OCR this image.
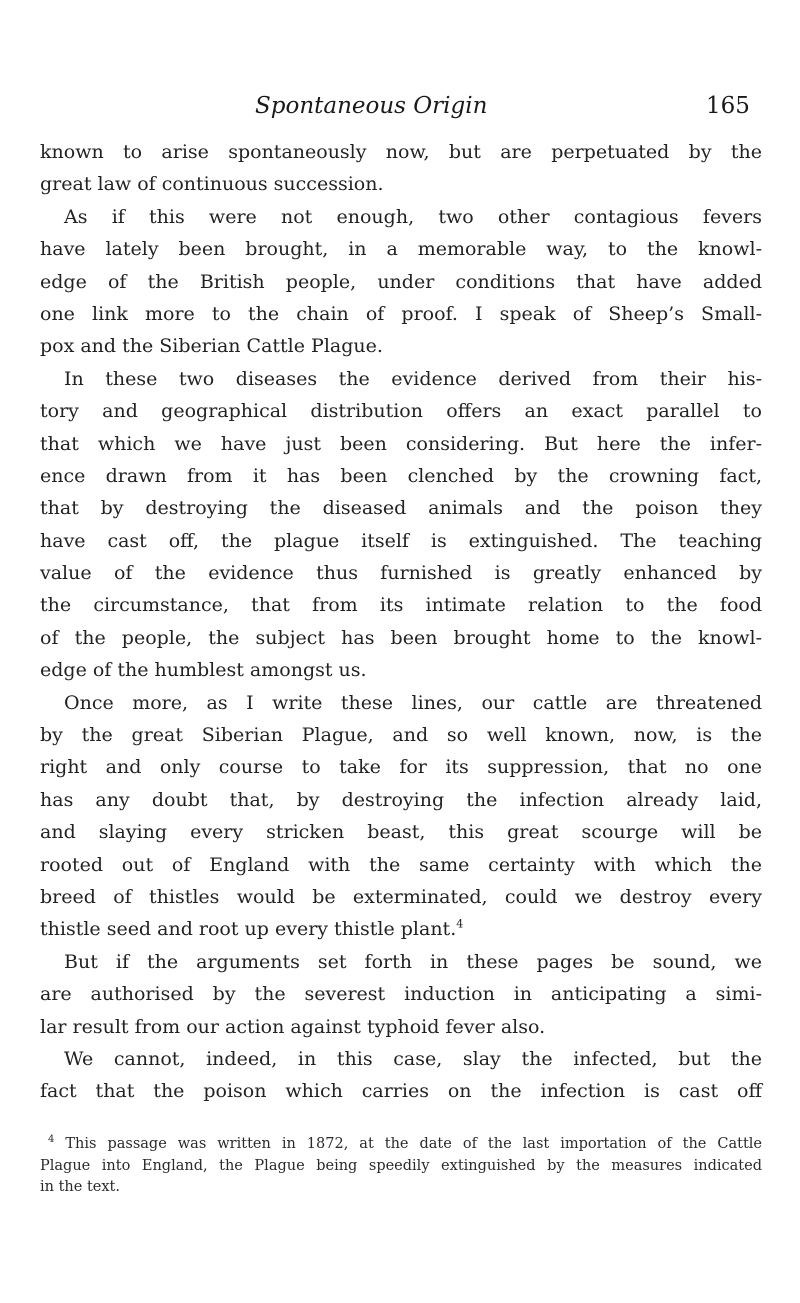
Spontaneous Origin	165
known to arise spontaneously now, but are perpetuated by the
great law of continuous succession.
As if this were not enough, two other contagious fevers
have lately been brought, in a memorable way, to the knowl-
edge of the British people, under conditions that have added
one link more to the chain of proof. I speak of Sheep’s Small-
pox and the Siberian Cattle Plague.
In these two diseases the evidence derived from their his-
tory and geographical distribution offers an exact parallel to
that which we have just been considering. But here the infer-
ence drawn from it has been clenched by the crowning fact,
that by destroying the diseased animals and the poison they
have cast off, the plague itself is extinguished. The teaching
value of the evidence thus furnished is greatly enhanced by
the circumstance, that from its intimate relation to the food
of the people, the subject has been brought home to the knowl-
edge of the humblest amongst us.
Once more, as I write these lines, our cattle are threatened
by the great Siberian Plague, and so well known, now, is the
right and only course to take for its suppression, that no one
has any doubt that, by destroying the infection already laid,
and slaying every stricken beast, this great scourge will be
rooted out of England with the same certainty with which the
breed of thistles would be exterminated, could we destroy every
thistle seed and root up every thistle plant.$^4$
But if the arguments set forth in these pages be sound, we
are authorised by the severest induction in anticipating a simi-
lar result from our action against typhoid fever also.
We cannot, indeed, in this case, slay the infected, but the
fact that the poison which carries on the infection is cast off
$^4$ This passage was written in 1872, at the date of the last importation of the Cattle
Plague into England, the Plague being speedily extinguished by the measures indicated
in the text.
